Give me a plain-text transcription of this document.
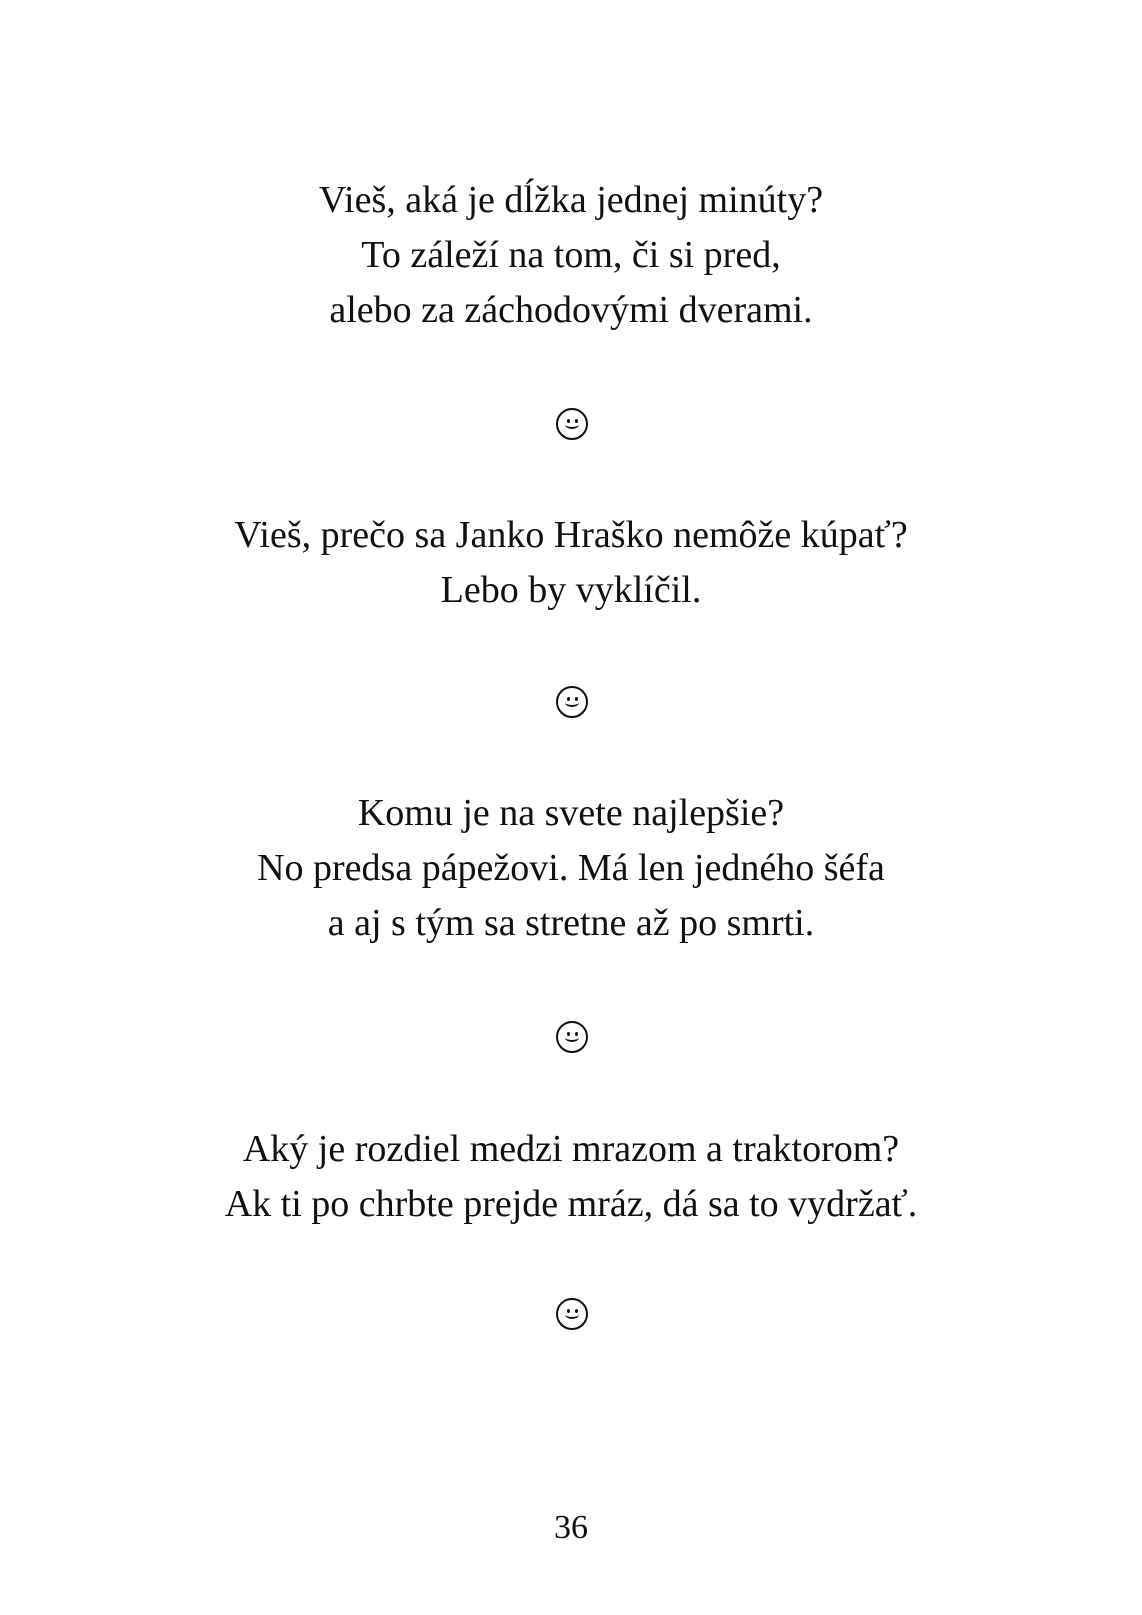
Vieš, aká je dĺžka jednej minúty?
To záleží na tom, či si pred,
alebo za záchodovými dverami.
Vieš, prečo sa Janko Hraško nemôže kúpať?
Lebo by vyklíčil.
Komu je na svete najlepšie?
No predsa pápežovi. Má len jedného šéfa
a aj s tým sa stretne až po smrti.
Aký je rozdiel medzi mrazom a traktorom?
Ak ti po chrbte prejde mráz, dá sa to vydržať.
36
